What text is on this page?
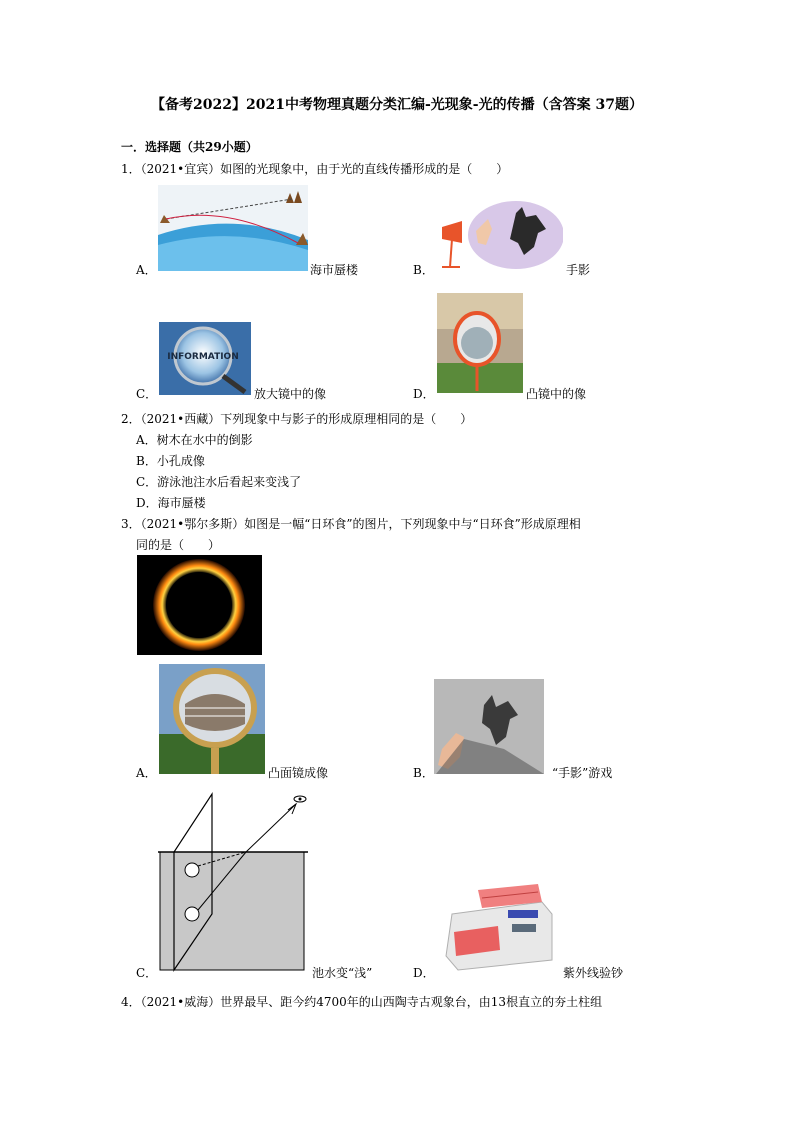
【备考2022】2021中考物理真题分类汇编-光现象-光的传播（含答案 37题）
一．选择题（共29小题）
1．（2021•宜宾）如图的光现象中，由于光的直线传播形成的是（　　）
A．	海市蜃楼	B．	手影
INFORMATION
C．	放大镜中的像	D．	凸镜中的像
2．（2021•西藏）下列现象中与影子的形成原理相同的是（　　）
A．树木在水中的倒影
B．小孔成像
C．游泳池注水后看起来变浅了
D．海市蜃楼
3．（2021•鄂尔多斯）如图是一幅“日环食”的图片，下列现象中与“日环食”形成原理相
同的是（　　）
A．	凸面镜成像	B．	“手影”游戏
C．	池水变“浅”	D．	紫外线验钞
4．（2021•威海）世界最早、距今约4700年的山西陶寺古观象台，由13根直立的夯土柱组
